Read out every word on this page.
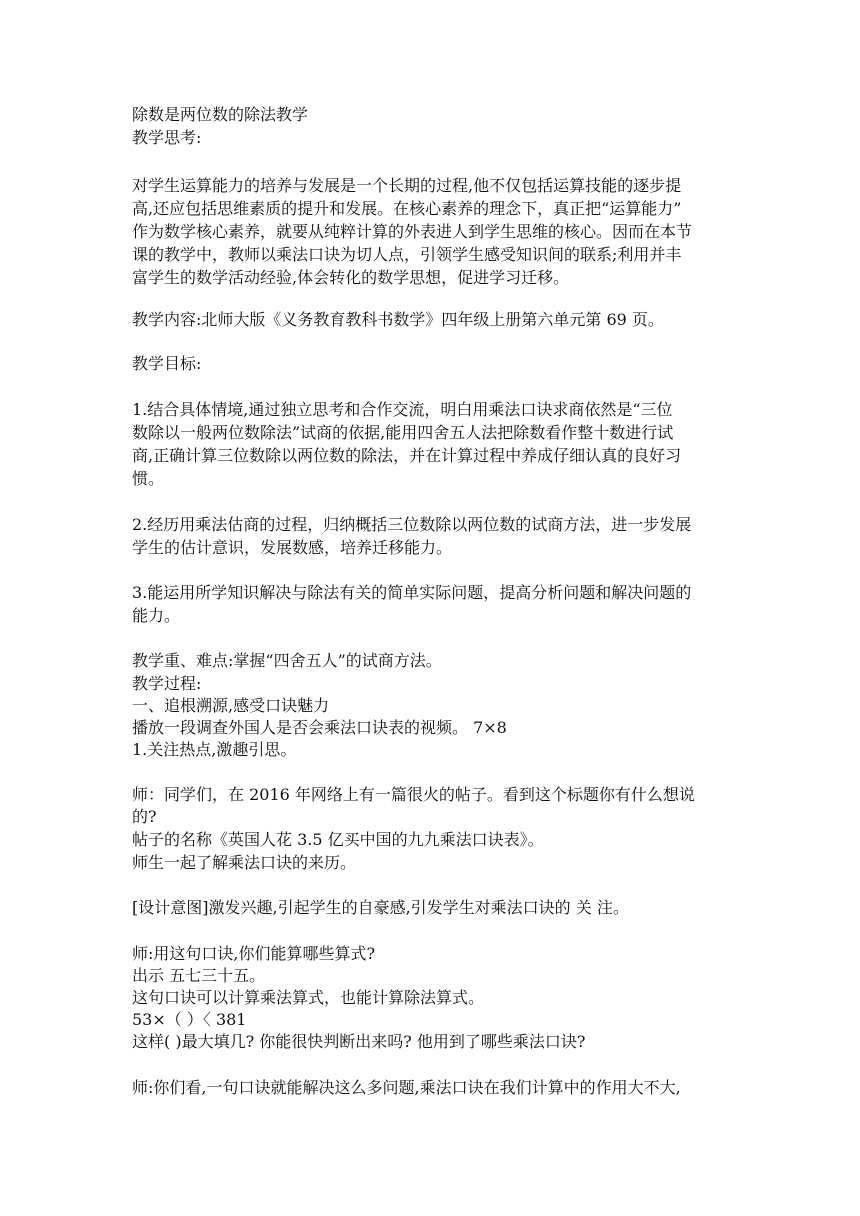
除数是两位数的除法教学
教学思考:
对学生运算能力的培养与发展是一个长期的过程,他不仅包括运算技能的逐步提
高,还应包括思维素质的提升和发展。在核心素养的理念下，真正把“运算能力”
作为数学核心素养，就要从纯粹计算的外表进人到学生思维的核心。因而在本节
课的教学中，教师以乘法口诀为切人点，引领学生感受知识间的联系;利用并丰
富学生的数学活动经验,体会转化的数学思想，促进学习迁移。
教学内容:北师大版《义务教育教科书数学》四年级上册第六单元第 69 页。
教学目标:
1.结合具体情境,通过独立思考和合作交流，明白用乘法口诀求商依然是“三位
数除以一般两位数除法”试商的依据,能用四舍五人法把除数看作整十数进行试
商,正确计算三位数除以两位数的除法，并在计算过程中养成仔细认真的良好习
惯。
2.经历用乘法估商的过程，归纳概括三位数除以两位数的试商方法，进一步发展
学生的估计意识，发展数感，培养迁移能力。
3.能运用所学知识解决与除法有关的简单实际问题，提高分析问题和解决问题的
能力。
教学重、难点:掌握“四舍五人”的试商方法。
教学过程:
一、追根溯源,感受口诀魅力
播放一段调查外国人是否会乘法口诀表的视频。 7×8
1.关注热点,激趣引思。
师：同学们，在 2016 年网络上有一篇很火的帖子。看到这个标题你有什么想说
的?
帖子的名称《英国人花 3.5 亿买中国的九九乘法口诀表》。
师生一起了解乘法口诀的来历。
[设计意图]激发兴趣,引起学生的自豪感,引发学生对乘法口诀的 关 注。
师:用这句口诀,你们能算哪些算式?
出示 五七三十五。
这句口诀可以计算乘法算式，也能计算除法算式。
53×（ ）〈 381
这样( )最大填几? 你能很快判断出来吗? 他用到了哪些乘法口诀?
师:你们看,一句口诀就能解决这么多问题,乘法口诀在我们计算中的作用大不大,
